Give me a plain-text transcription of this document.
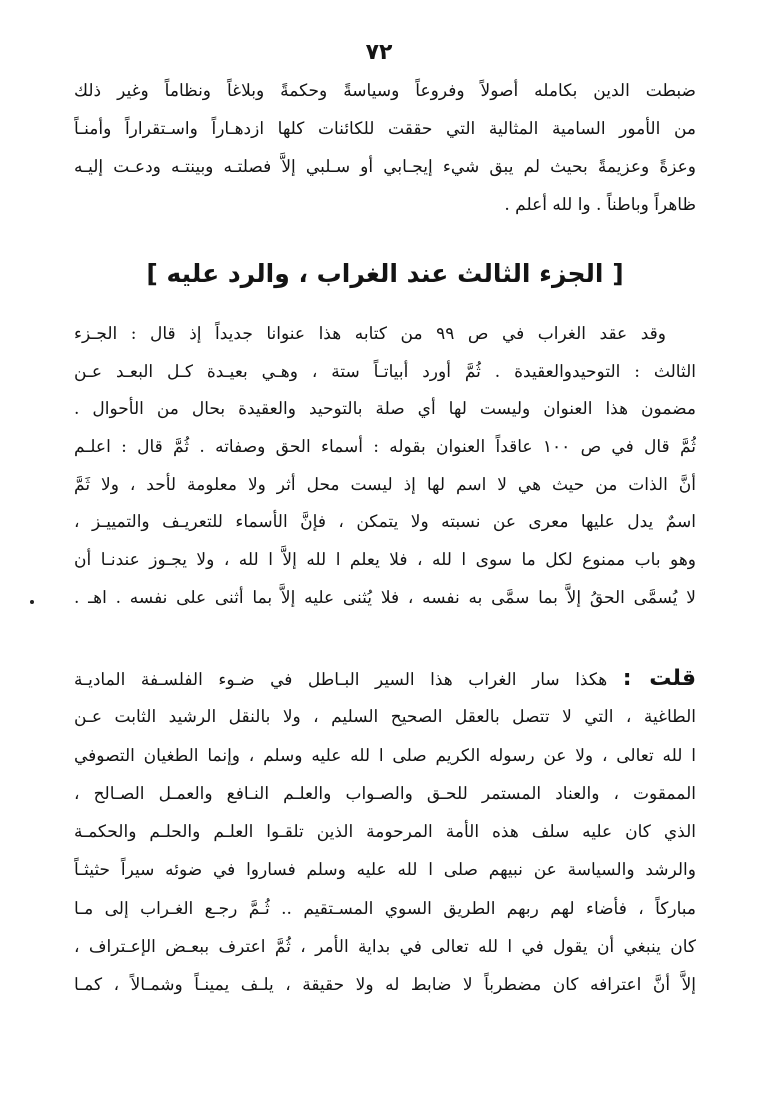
٧٢
ضبطت الدين بكامله أصولاً وفروعاً وسياسةً وحكمةً وبلاغاً ونظاماً وغير ذلك
من الأمور السامية المثالية التي حققت للكائنات كلها ازدهـاراً واسـتقراراً وأمنـاً
وعزةً وعزيمةً بحيث لم يبق شيء إيجـابي أو سـلبي إلاَّ فصلتـه وبينتـه ودعـت إليـه
ظاهراً وباطناً . وا لله أعلم .
[ الجزء الثالث عند الغراب ، والرد عليه ]
وقد عقد الغراب في ص ٩٩ من كتابه هذا عنوانا جديداً إذ قال : الجـزء
الثالث : التوحيدوالعقيدة . ثُمَّ أورد أبياتـاً ستة ، وهـي بعيـدة كـل البعـد عـن
مضمون هذا العنوان وليست لها أي صلة بالتوحيد والعقيدة بحال من الأحوال .
ثُمَّ قال في ص ١٠٠ عاقداً العنوان بقوله : أسماء الحق وصفاته . ثُمَّ قال : اعلـم
أنَّ الذات من حيث هي لا اسم لها إذ ليست محل أثر ولا معلومة لأحد ، ولا ثَمَّ
اسمٌ يدل عليها معرى عن نسبته ولا يتمكن ، فإنَّ الأسماء للتعريـف والتمييـز ،
وهو باب ممنوع لكل ما سوى ا لله ، فلا يعلم ا لله إلاَّ ا لله ، ولا يجـوز عندنـا أن
لا يُسمَّى الحقُ إلاَّ بما سمَّى به نفسه ، فلا يُثنى عليه إلاَّ بما أثنى على نفسه . اهـ .
قلت : هكذا سار الغراب هذا السير البـاطل في ضـوء الفلسـفة الماديـة
الطاغية ، التي لا تتصل بالعقل الصحيح السليم ، ولا بالنقل الرشيد الثابت عـن
ا لله تعالى ، ولا عن رسوله الكريم صلى ا لله عليه وسلم ، وإنما الطغيان التصوفي
الممقوت ، والعناد المستمر للحـق والصـواب والعلـم النـافع والعمـل الصـالح ،
الذي كان عليه سلف هذه الأمة المرحومة الذين تلقـوا العلـم والحلـم والحكمـة
والرشد والسياسة عن نبيهم صلى ا لله عليه وسلم فساروا في ضوئه سيراً حثيثـاً
مباركاً ، فأضاء لهم ربهم الطريق السوي المسـتقيم .. ثُـمَّ رجـع الغـراب إلى مـا
كان ينبغي أن يقول في ا لله تعالى في بداية الأمر ، ثُمَّ اعترف ببعـض الإعـتراف ،
إلاَّ أنَّ اعترافه كان مضطرباً لا ضابط له ولا حقيقة ، يلـف يمينـاً وشمـالاً ، كمـا
